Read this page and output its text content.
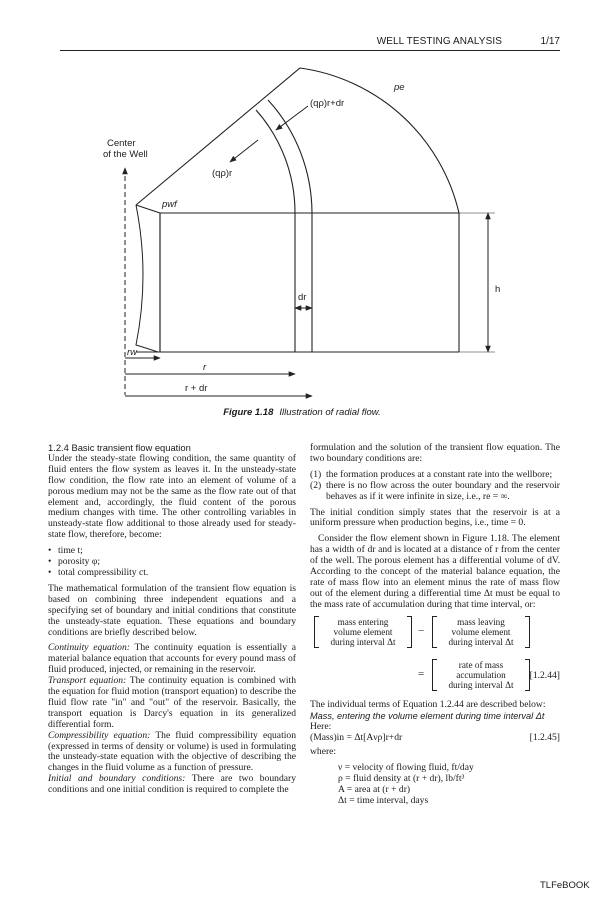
WELL TESTING ANALYSIS	1/17
pe
(qρ)r+dr
Center
of the Well
(qρ)r
pwf
h
dr
rw
r
r + dr
Figure 1.18 Illustration of radial flow.

1.2.4 Basic transient flow equation

Under the steady-state flowing condition, the same quantity of fluid enters the flow system as leaves it. In the unsteady-state flow condition, the flow rate into an element of volume of a porous medium may not be the same as the flow rate out of that element and, accordingly, the fluid content of the porous medium changes with time. The other controlling variables in unsteady-state flow additional to those already used for steady-state flow, therefore, become:

• time t;
• porosity φ;
• total compressibility ct.

The mathematical formulation of the transient flow equation is based on combining three independent equations and a specifying set of boundary and initial conditions that constitute the unsteady-state equation. These equations and boundary conditions are briefly described below.

Continuity equation: The continuity equation is essentially a material balance equation that accounts for every pound mass of fluid produced, injected, or remaining in the reservoir.

Transport equation: The continuity equation is combined with the equation for fluid motion (transport equation) to describe the fluid flow rate "in" and "out" of the reservoir. Basically, the transport equation is Darcy's equation in its generalized differential form.

Compressibility equation: The fluid compressibility equation (expressed in terms of density or volume) is used in formulating the unsteady-state equation with the objective of describing the changes in the fluid volume as a function of pressure.

Initial and boundary conditions: There are two boundary conditions and one initial condition is required to complete the

formulation and the solution of the transient flow equation. The two boundary conditions are:

(1) the formation produces at a constant rate into the wellbore;
(2) there is no flow across the outer boundary and the reservoir behaves as if it were infinite in size, i.e., re = ∞.

The initial condition simply states that the reservoir is at a uniform pressure when production begins, i.e., time = 0.

Consider the flow element shown in Figure 1.18. The element has a width of dr and is located at a distance of r from the center of the well. The porous element has a differential volume of dV. According to the concept of the material balance equation, the rate of mass flow into an element minus the rate of mass flow out of the element during a differential time Δt must be equal to the mass rate of accumulation during that time interval, or:

mass entering
volume element
during interval Δt
−
mass leaving
volume element
during interval Δt
=
rate of mass
accumulation
during interval Δt
[1.2.44]

The individual terms of Equation 1.2.44 are described below:

Mass, entering the volume element during time interval Δt

Here:

(Mass)in = Δt[Aνρ]r+dr	[1.2.45]

where:

ν = velocity of flowing fluid, ft/day
ρ = fluid density at (r + dr), lb/ft³
A = area at (r + dr)
Δt = time interval, days
TLFeBOOK
